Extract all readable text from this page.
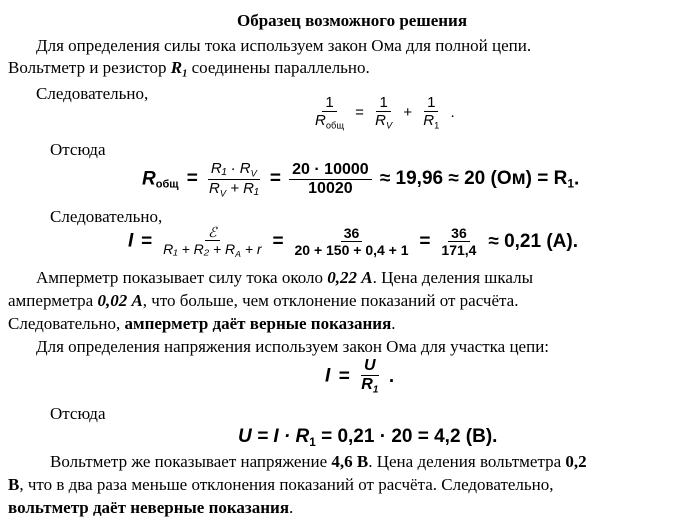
Образец возможного решения
Для определения силы тока используем закон Ома для полной цепи.
Вольтметр и резистор $R_1$ соединены параллельно.
Следовательно,
$\frac{1}{R_{общ}} = \frac{1}{R_V} + \frac{1}{R_1}$ .
Отсюда
$R_{общ} = \frac{R_1 \cdot R_V}{R_V + R_1} = \frac{20 \cdot 10000}{10020} \approx 19,96 \approx 20$ $(Ом) = R_1$.
Следовательно,
$I = \frac{\text{ℰ}}{R_1 + R_2 + R_A + r} = \frac{36}{20 + 150 + 0,4 + 1} = \frac{36}{171,4} \approx 0,21$ (А).
Амперметр показывает силу тока около 0,22 А. Цена деления шкалы
амперметра 0,02 А, что больше, чем отклонение показаний от расчёта.
Следовательно, амперметр даёт верные показания.
Для определения напряжения используем закон Ома для участка цепи:
$I = \frac{U}{R_1}$ .
Отсюда
$U = I \cdot R_1 = 0,21 \cdot 20 = 4,2$ (В).
Вольтметр же показывает напряжение 4,6 В. Цена деления вольтметра 0,2
В, что в два раза меньше отклонения показаний от расчёта. Следовательно,
вольтметр даёт неверные показания.
